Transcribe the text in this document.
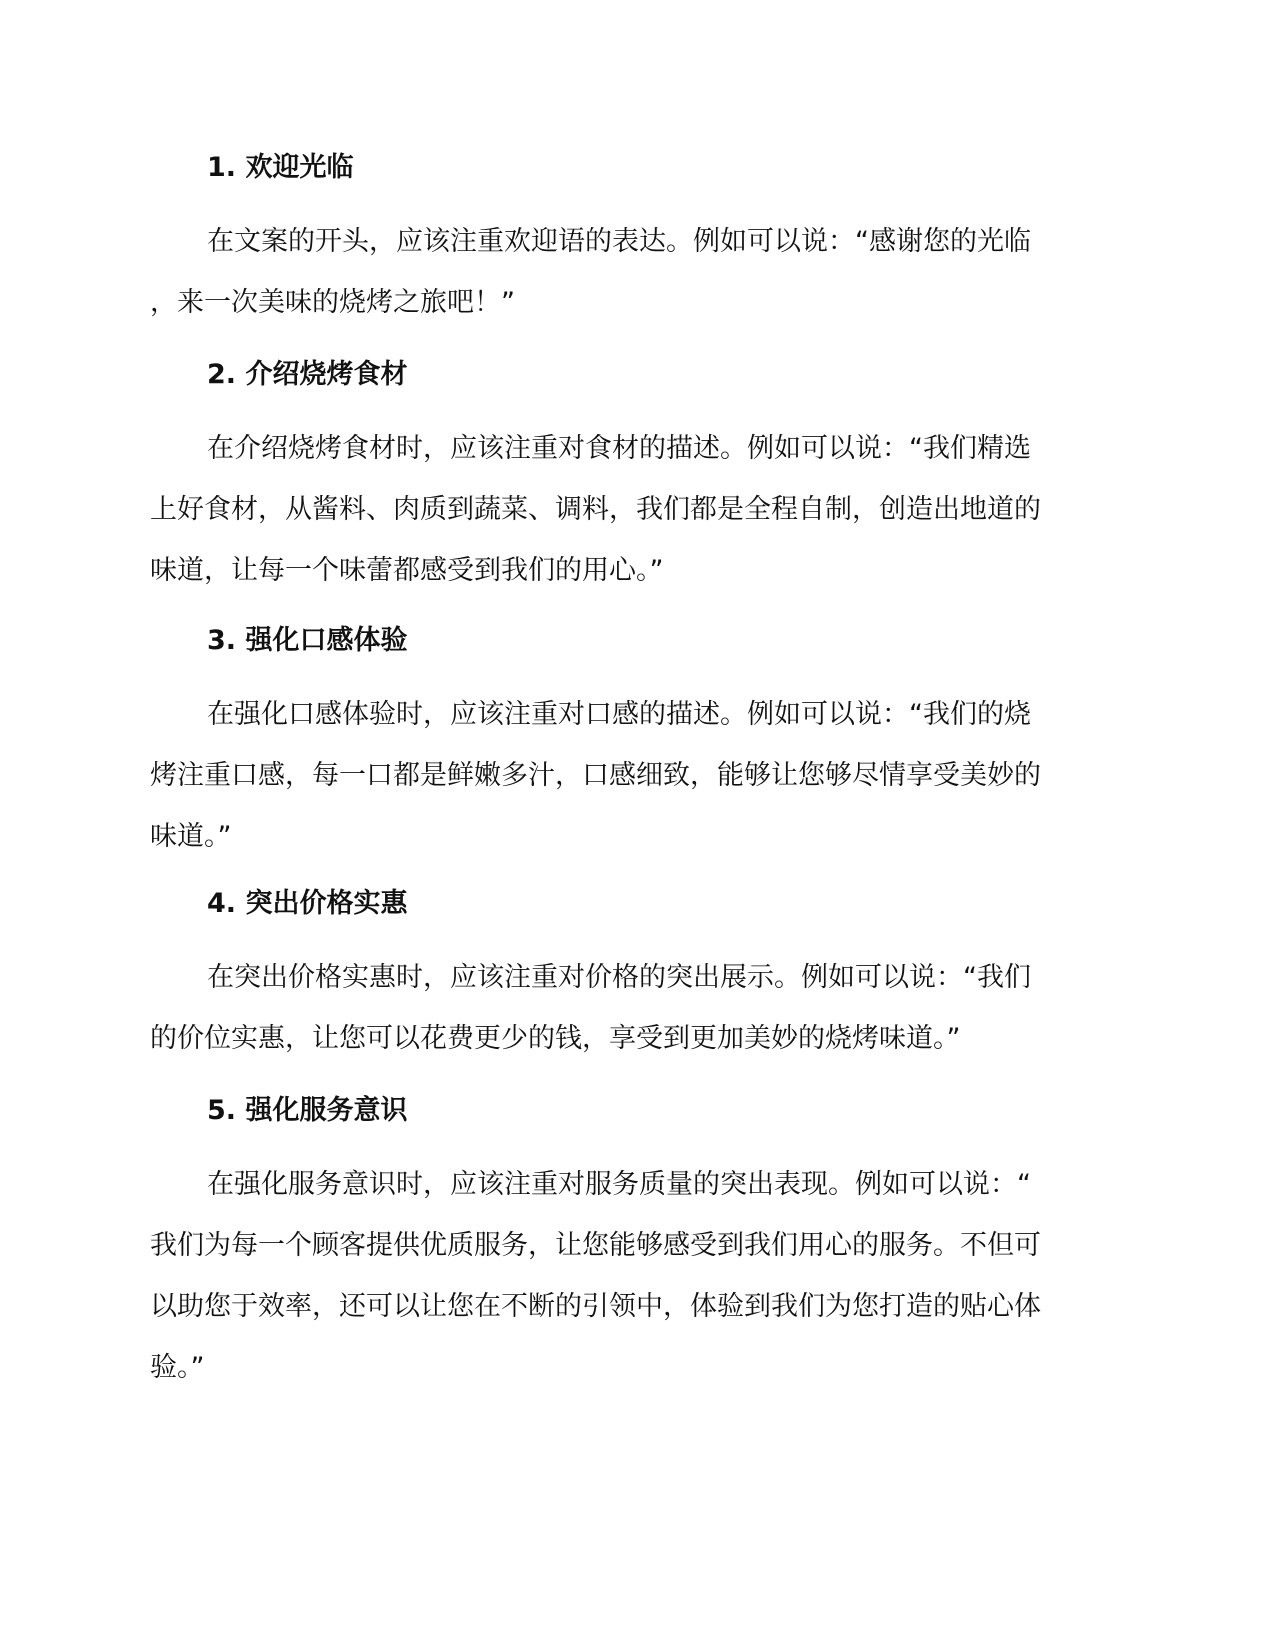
1. 欢迎光临
在文案的开头，应该注重欢迎语的表达。例如可以说：“感谢您的光临
，来一次美味的烧烤之旅吧！”
2. 介绍烧烤食材
在介绍烧烤食材时，应该注重对食材的描述。例如可以说：“我们精选
上好食材，从酱料、肉质到蔬菜、调料，我们都是全程自制，创造出地道的
味道，让每一个味蕾都感受到我们的用心。”
3. 强化口感体验
在强化口感体验时，应该注重对口感的描述。例如可以说：“我们的烧
烤注重口感，每一口都是鲜嫩多汁，口感细致，能够让您够尽情享受美妙的
味道。”
4. 突出价格实惠
在突出价格实惠时，应该注重对价格的突出展示。例如可以说：“我们
的价位实惠，让您可以花费更少的钱，享受到更加美妙的烧烤味道。”
5. 强化服务意识
在强化服务意识时，应该注重对服务质量的突出表现。例如可以说：“
我们为每一个顾客提供优质服务，让您能够感受到我们用心的服务。不但可
以助您于效率，还可以让您在不断的引领中，体验到我们为您打造的贴心体
验。”
